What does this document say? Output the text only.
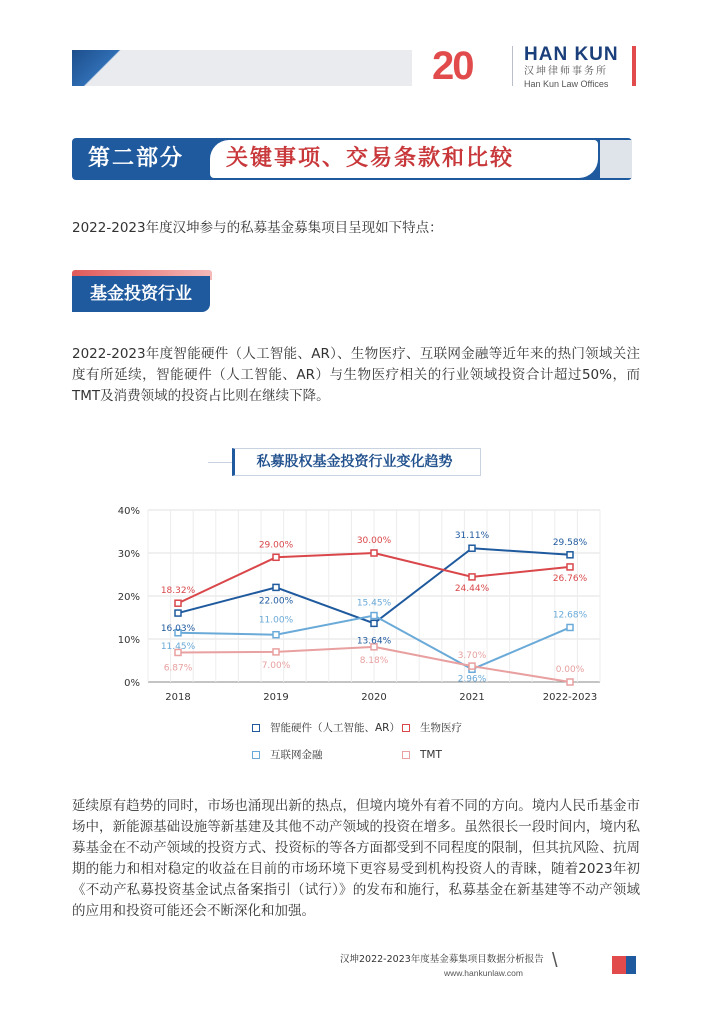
20	HAN KUN
汉坤律师事务所
Han Kun Law Offices
第二部分 关键事项、交易条款和比较
2022-2023年度汉坤参与的私募基金募集项目呈现如下特点：
基金投资行业
2022-2023年度智能硬件（人工智能、AR）、生物医疗、互联网金融等近年来的热门领域关注度有所延续，智能硬件（人工智能、AR）与生物医疗相关的行业领域投资合计超过50%，而TMT及消费领域的投资占比则在继续下降。
私募股权基金投资行业变化趋势
0%
10%
20%
30%
40%
2018	2019	2020	2021	2022-2023
16.03%
22.00%
13.64%
31.11%
29.58%
18.32%
29.00%	30.00%
24.44%
26.76%
11.45%
11.00%
15.45%
2.96%
12.68%
6.87%	7.00%
8.18%	3.70%
0.00%
智能硬件（人工智能、AR） 生物医疗
互联网金融	TMT
延续原有趋势的同时，市场也涌现出新的热点，但境内境外有着不同的方向。境内人民币基金市场中，新能源基础设施等新基建及其他不动产领域的投资在增多。虽然很长一段时间内，境内私募基金在不动产领域的投资方式、投资标的等各方面都受到不同程度的限制，但其抗风险、抗周期的能力和相对稳定的收益在目前的市场环境下更容易受到机构投资人的青睐，随着2023年初《不动产私募投资基金试点备案指引（试行）》的发布和施行，私募基金在新基建等不动产领域的应用和投资可能还会不断深化和加强。
汉坤2022-2023年度基金募集项目数据分析报告
www.hankunlaw.com
\
